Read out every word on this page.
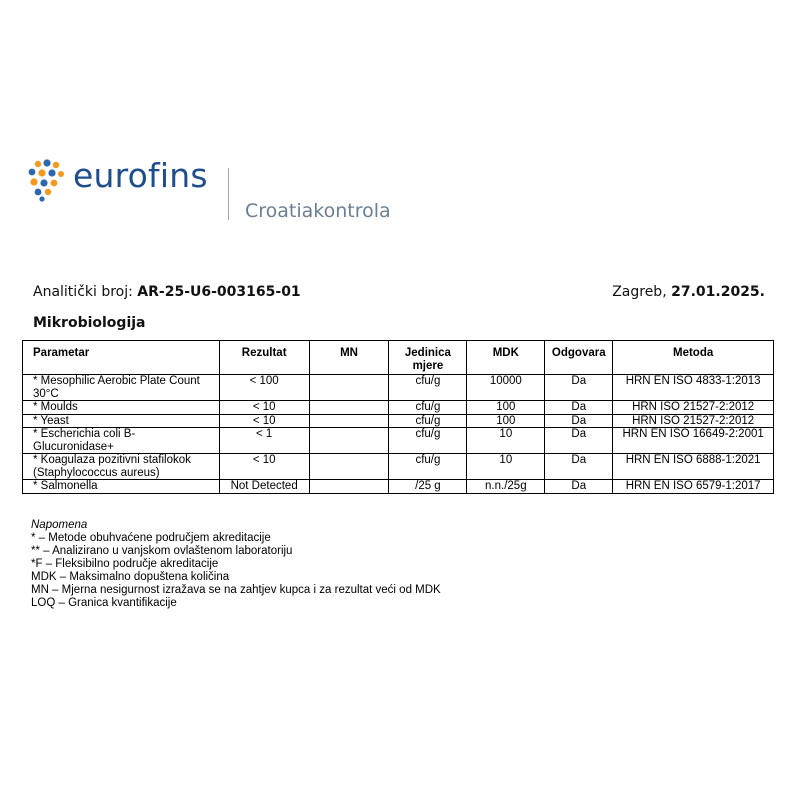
eurofins
Croatiakontrola
Analitički broj: AR-25-U6-003165-01	Zagreb, 27.01.2025.
Mikrobiologija
Parametar	Rezultat	MN	Jedinica mjere	MDK	Odgovara	Metoda
* Mesophilic Aerobic Plate Count 30°C	< 100		cfu/g	10000	Da	HRN EN ISO 4833-1:2013
* Moulds	< 10		cfu/g	100	Da	HRN ISO 21527-2:2012
* Yeast	< 10		cfu/g	100	Da	HRN ISO 21527-2:2012
* Escherichia coli B-Glucuronidase+	< 1		cfu/g	10	Da	HRN EN ISO 16649-2:2001
* Koagulaza pozitivni stafilokok (Staphylococcus aureus)	< 10		cfu/g	10	Da	HRN EN ISO 6888-1:2021
* Salmonella	Not Detected		/25 g	n.n./25g	Da	HRN EN ISO 6579-1:2017
Napomena
* – Metode obuhvaćene područjem akreditacije
** – Analizirano u vanjskom ovlaštenom laboratoriju
*F – Fleksibilno područje akreditacije
MDK – Maksimalno dopuštena količina
MN – Mjerna nesigurnost izražava se na zahtjev kupca i za rezultat veći od MDK
LOQ – Granica kvantifikacije
